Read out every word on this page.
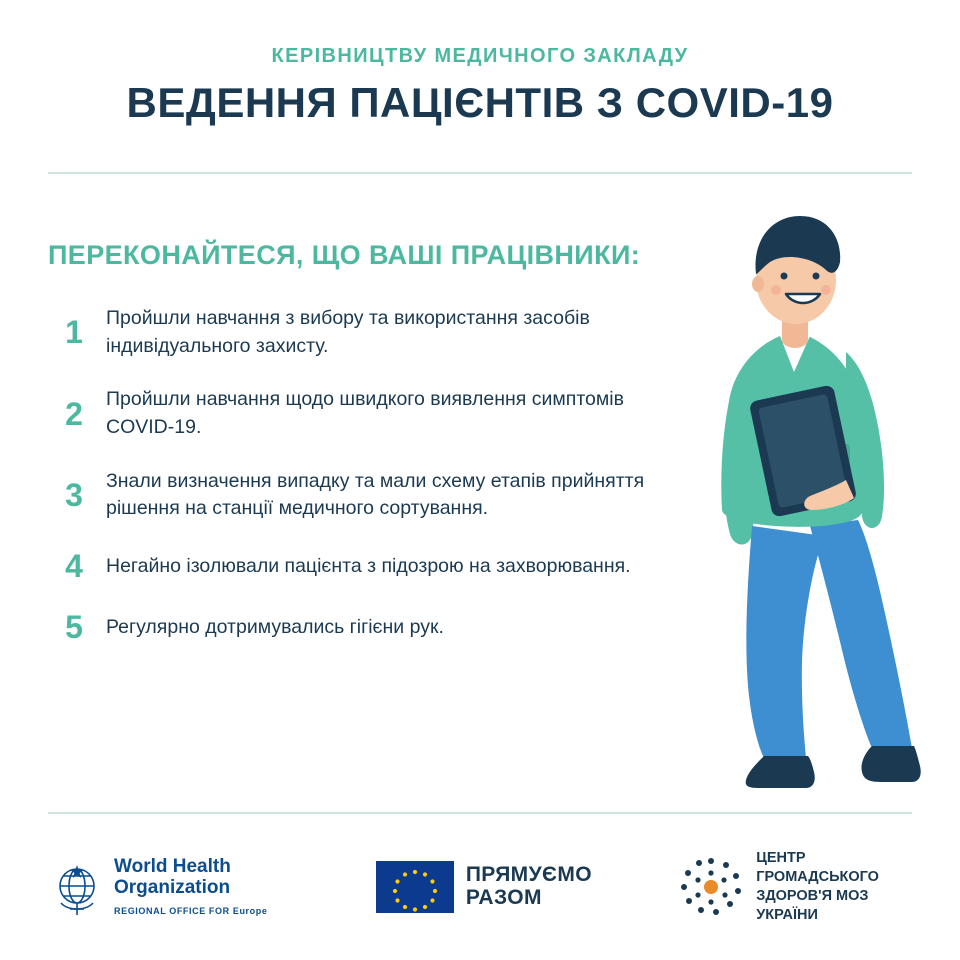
КЕРІВНИЦТВУ МЕДИЧНОГО ЗАКЛАДУ
ВЕДЕННЯ ПАЦІЄНТІВ З COVID-19
ПЕРЕКОНАЙТЕСЯ, ЩО ВАШІ ПРАЦІВНИКИ:
1	Пройшли навчання з вибору та використання засобів індивідуального захисту.
2	Пройшли навчання щодо швидкого виявлення симптомів COVID-19.
3	Знали визначення випадку та мали схему етапів прийняття рішення на станції медичного сортування.
4	Негайно ізолювали пацієнта з підозрою на захворювання.
5	Регулярно дотримувались гігієни рук.
World Health
Organization
REGIONAL OFFICE FOR Europe
ПРЯМУЄМО
РАЗОМ
ЦЕНТР ГРОМАДСЬКОГО
ЗДОРОВ'Я МОЗ УКРАЇНИ
